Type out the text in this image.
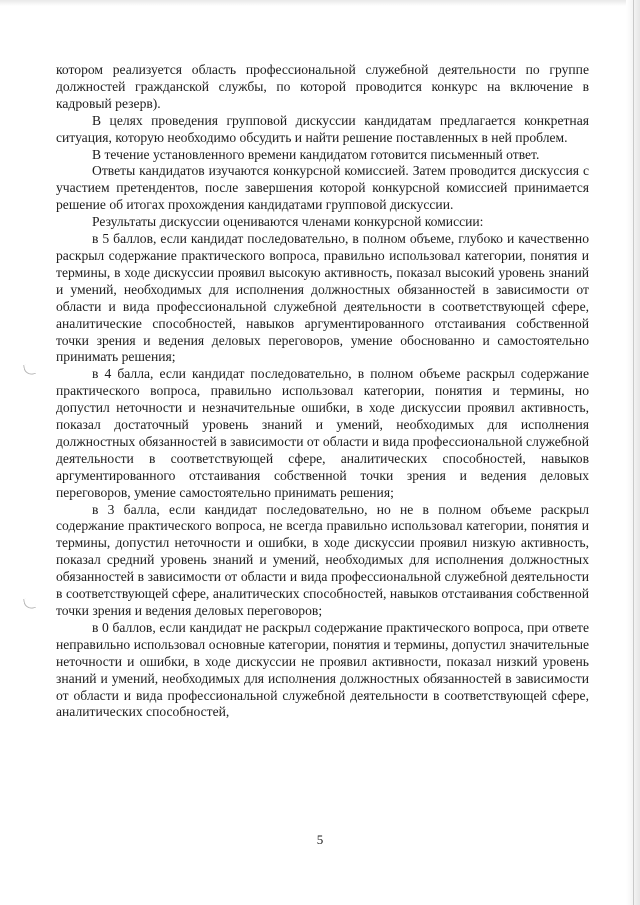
котором реализуется область профессиональной служебной деятельности по группе должностей гражданской службы, по которой проводится конкурс на включение в кадровый резерв).

В целях проведения групповой дискуссии кандидатам предлагается конкретная ситуация, которую необходимо обсудить и найти решение поставленных в ней проблем.

В течение установленного времени кандидатом готовится письменный ответ.

Ответы кандидатов изучаются конкурсной комиссией. Затем проводится дискуссия с участием претендентов, после завершения которой конкурсной комиссией принимается решение об итогах прохождения кандидатами групповой дискуссии.

Результаты дискуссии оцениваются членами конкурсной комиссии:

в 5 баллов, если кандидат последовательно, в полном объеме, глубоко и качественно раскрыл содержание практического вопроса, правильно использовал категории, понятия и термины, в ходе дискуссии проявил высокую активность, показал высокий уровень знаний и умений, необходимых для исполнения должностных обязанностей в зависимости от области и вида профессиональной служебной деятельности в соответствующей сфере, аналитические способностей, навыков аргументированного отстаивания собственной точки зрения и ведения деловых переговоров, умение обоснованно и самостоятельно принимать решения;

в 4 балла, если кандидат последовательно, в полном объеме раскрыл содержание практического вопроса, правильно использовал категории, понятия и термины, но допустил неточности и незначительные ошибки, в ходе дискуссии проявил активность, показал достаточный уровень знаний и умений, необходимых для исполнения должностных обязанностей в зависимости от области и вида профессиональной служебной деятельности в соответствующей сфере, аналитических способностей, навыков аргументированного отстаивания собственной точки зрения и ведения деловых переговоров, умение самостоятельно принимать решения;

в 3 балла, если кандидат последовательно, но не в полном объеме раскрыл содержание практического вопроса, не всегда правильно использовал категории, понятия и термины, допустил неточности и ошибки, в ходе дискуссии проявил низкую активность, показал средний уровень знаний и умений, необходимых для исполнения должностных обязанностей в зависимости от области и вида профессиональной служебной деятельности в соответствующей сфере, аналитических способностей, навыков отстаивания собственной точки зрения и ведения деловых переговоров;

в 0 баллов, если кандидат не раскрыл содержание практического вопроса, при ответе неправильно использовал основные категории, понятия и термины, допустил значительные неточности и ошибки, в ходе дискуссии не проявил активности, показал низкий уровень знаний и умений, необходимых для исполнения должностных обязанностей в зависимости от области и вида профессиональной служебной деятельности в соответствующей сфере, аналитических способностей,

5
